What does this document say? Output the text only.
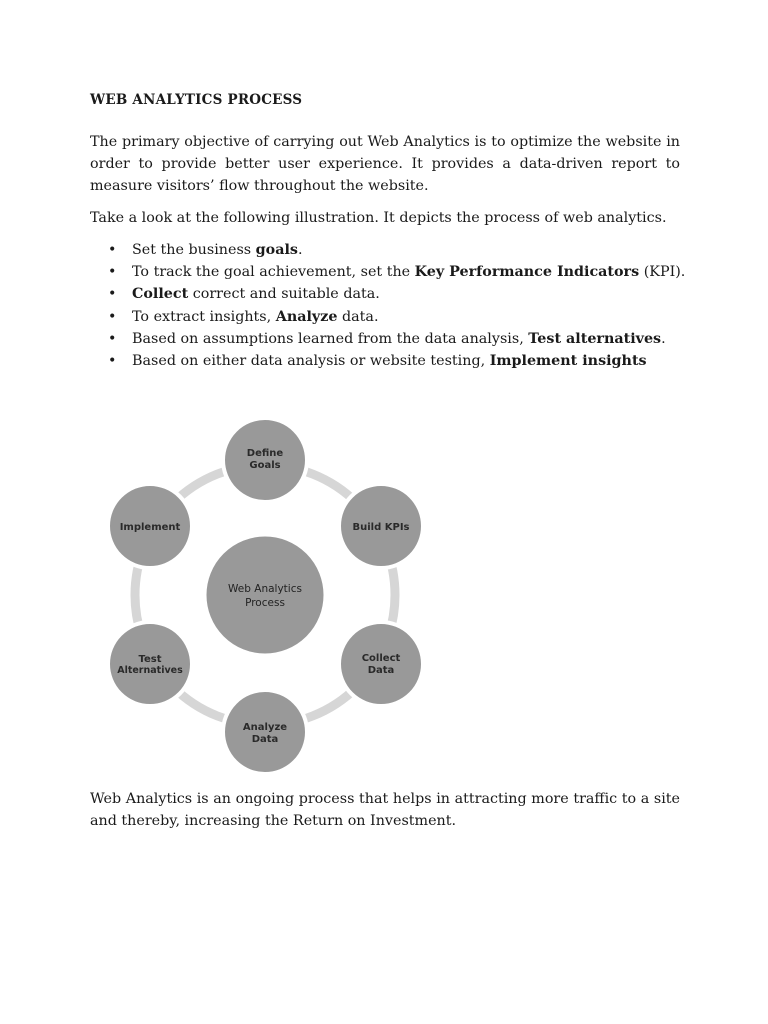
WEB ANALYTICS PROCESS

The primary objective of carrying out Web Analytics is to optimize the website in order to provide better user experience. It provides a data-driven report to measure visitors’ flow throughout the website.

Take a look at the following illustration. It depicts the process of web analytics.

• Set the business goals.
• To track the goal achievement, set the Key Performance Indicators (KPI).
• Collect correct and suitable data.
• To extract insights, Analyze data.
• Based on assumptions learned from the data analysis, Test alternatives.
• Based on either data analysis or website testing, Implement insights
Web Analytics
Process
Define
Goals
Build KPIs
Collect
Data
Analyze
Data
Test
Alternatives
Implement

Web Analytics is an ongoing process that helps in attracting more traffic to a site and thereby, increasing the Return on Investment.
